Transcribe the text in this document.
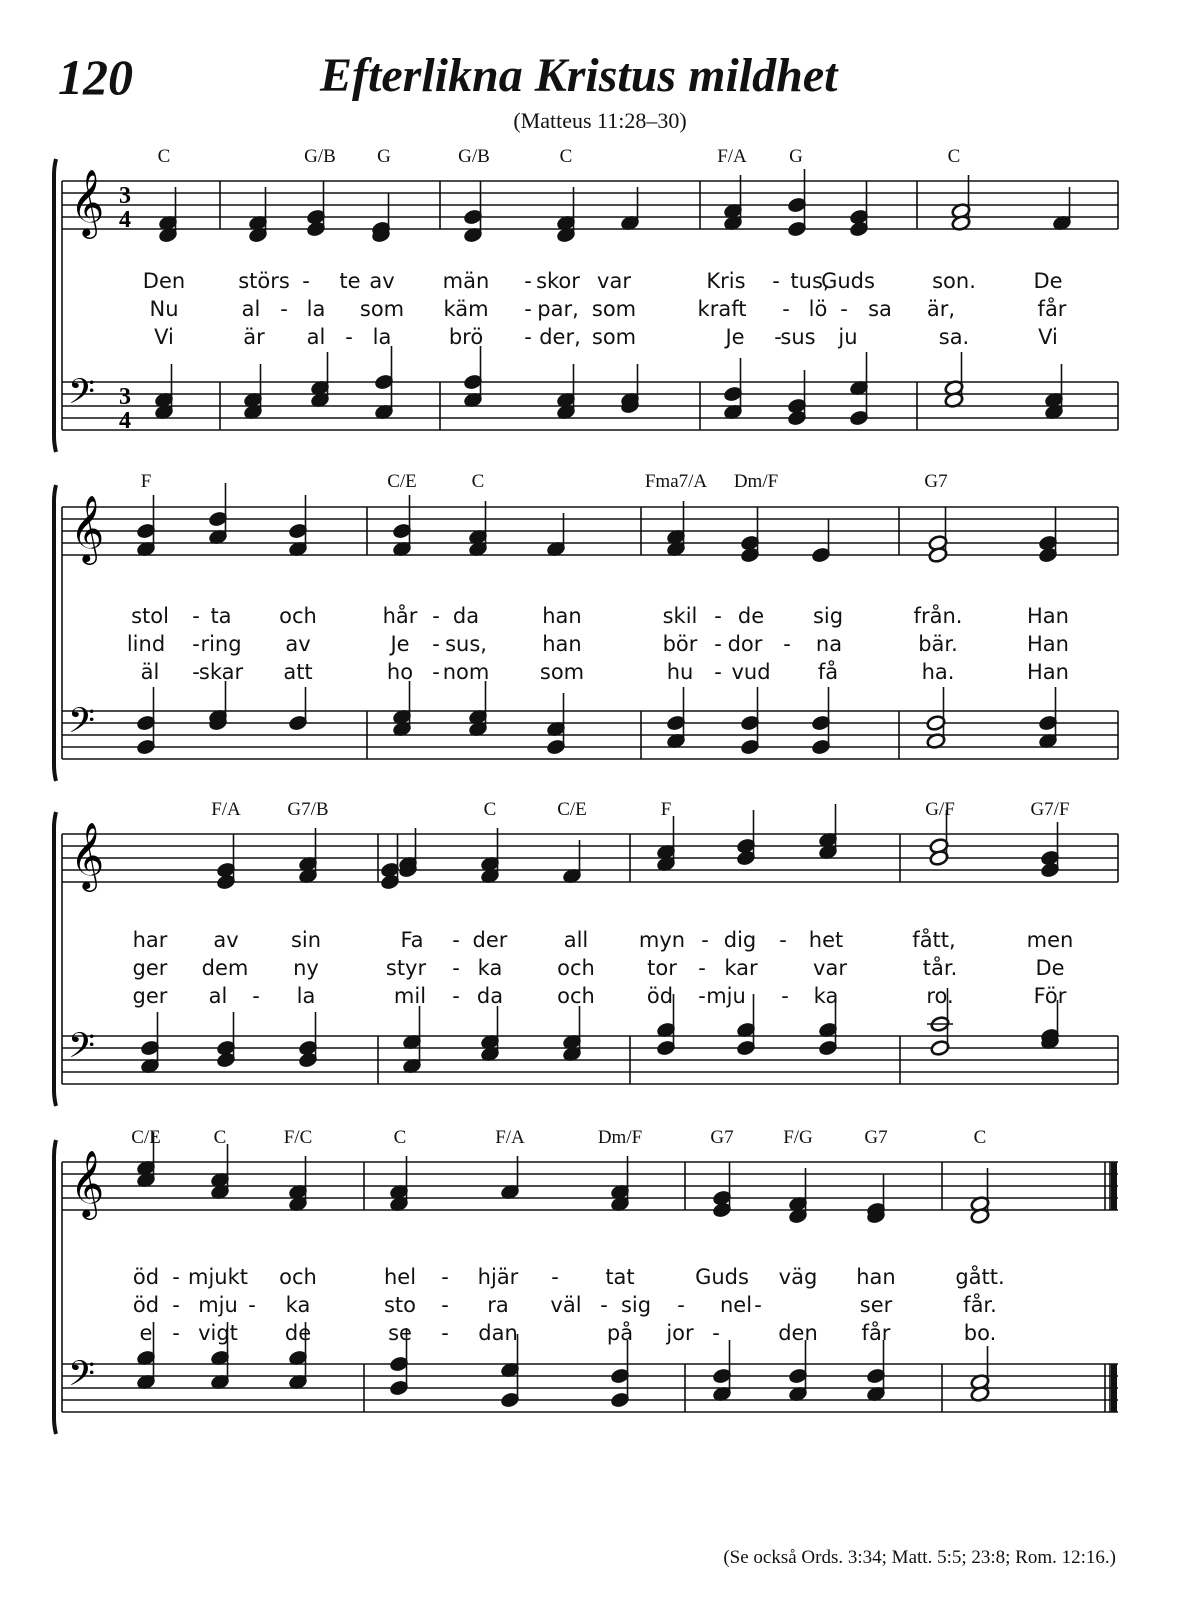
120	Efterlikna Kristus mildhet
(Matteus 11:28–30)
𝄞
𝄢
3
4
3
4
𝄞
𝄢
𝄞
𝄢
𝄞
𝄢
C	G/B G	G/B	C	F/A G	C
Den	störs - te av män - skor var	Kris - tus,
Guds	son.	De
Nu	al - la som käm - par, som	kraft - lö - sa är,	får
Vi	är al - la	brö - der, som	Je -
sus ju	sa.	Vi
F	C/E	C	Fma7/A Dm/F	G7
stol - ta och	hår - da	han	skil - de sig	från.	Han
lind - ring av	Je - sus,	han	bör - dor - na	bär.	Han
äl - skar att	ho - nom som	hu - vud få	ha.	Han
F/A G7/B	C	C/E	F	G/F	G7/F
har av sin	Fa - der	all myn - dig - het	fått,	men
ger dem ny	styr - ka	och tor - kar	var	tår.	De
ger al - la	mil - da	och öd - mju - ka	ro.	För
C/E	C	F/C	C	F/A	Dm/F	G7	F/G	G7	C
öd - mjukt och	hel - hjär - tat	Guds väg han	gått.
öd - mju - ka	sto - ra väl - sig - nel -	ser	får.
e - vigt de	se - dan	på jor -	den får	bo.
(Se också Ords. 3:34; Matt. 5:5; 23:8; Rom. 12:16.)
